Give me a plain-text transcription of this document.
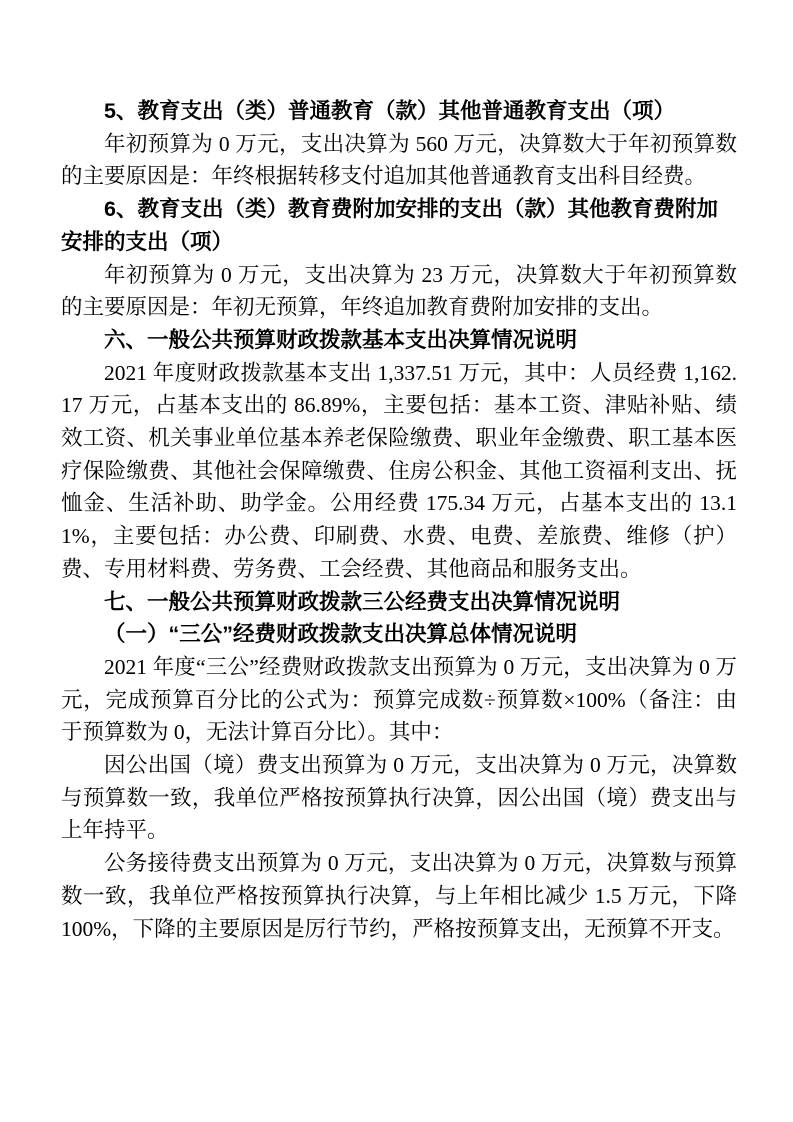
5、教育支出（类）普通教育（款）其他普通教育支出（项）

年初预算为 0 万元，支出决算为 560 万元，决算数大于年初预算数的主要原因是：年终根据转移支付追加其他普通教育支出科目经费。

6、教育支出（类）教育费附加安排的支出（款）其他教育费附加安排的支出（项）

年初预算为 0 万元，支出决算为 23 万元，决算数大于年初预算数的主要原因是：年初无预算，年终追加教育费附加安排的支出。

六、一般公共预算财政拨款基本支出决算情况说明

2021 年度财政拨款基本支出 1,337.51 万元，其中：人员经费 1,162.17 万元，占基本支出的 86.89%，主要包括：基本工资、津贴补贴、绩效工资、机关事业单位基本养老保险缴费、职业年金缴费、职工基本医疗保险缴费、其他社会保障缴费、住房公积金、其他工资福利支出、抚恤金、生活补助、助学金。公用经费 175.34 万元，占基本支出的 13.11%，主要包括：办公费、印刷费、水费、电费、差旅费、维修（护）费、专用材料费、劳务费、工会经费、其他商品和服务支出。

七、一般公共预算财政拨款三公经费支出决算情况说明

（一）“三公”经费财政拨款支出决算总体情况说明

2021 年度“三公”经费财政拨款支出预算为 0 万元，支出决算为 0 万元，完成预算百分比的公式为：预算完成数÷预算数×100%（备注：由于预算数为 0，无法计算百分比）。其中：

因公出国（境）费支出预算为 0 万元，支出决算为 0 万元，决算数与预算数一致，我单位严格按预算执行决算，因公出国（境）费支出与上年持平。

公务接待费支出预算为 0 万元，支出决算为 0 万元，决算数与预算数一致，我单位严格按预算执行决算，与上年相比减少 1.5 万元，下降 100%，下降的主要原因是厉行节约，严格按预算支出，无预算不开支。
